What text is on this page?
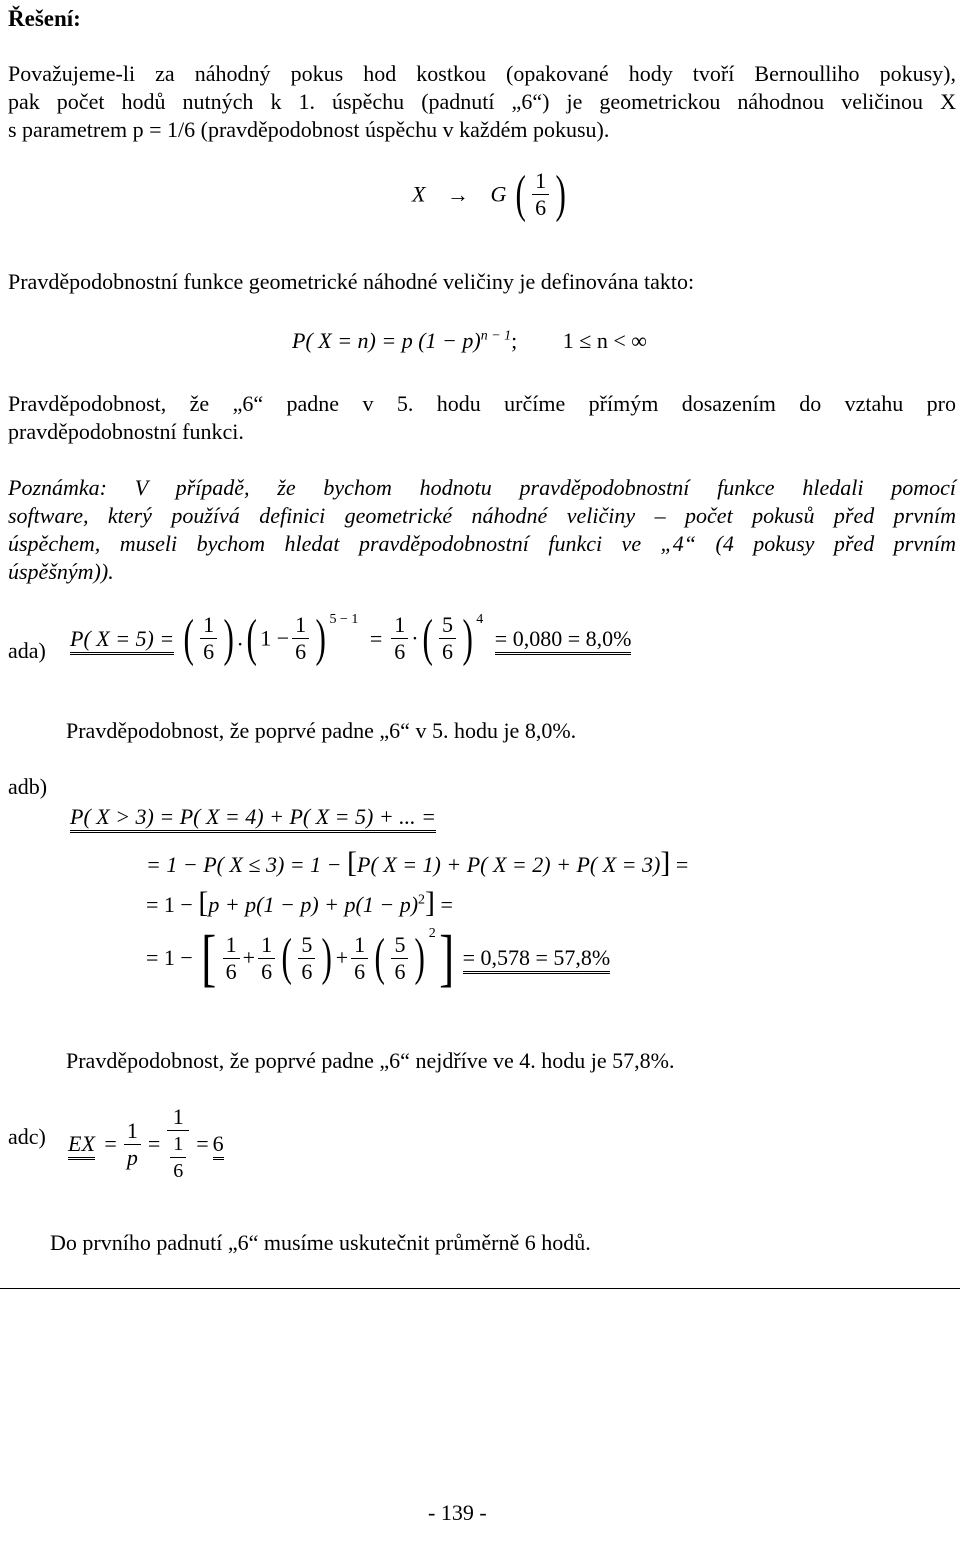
Řešení:
Považujeme-li za náhodný pokus hod kostkou (opakované hody tvoří Bernoulliho pokusy),
pak počet hodů nutných k 1. úspěchu (padnutí „6“) je geometrickou náhodnou veličinou X
s parametrem p = 1/6 (pravděpodobnost úspěchu v každém pokusu).
X → G ( $\frac{1}{6}$ )
Pravděpodobnostní funkce geometrické náhodné veličiny je definována takto:
P( X = n) = p $(1 - p)^{n - 1}$; 1 ≤ n < ∞
Pravděpodobnost, že „6“ padne v 5. hodu určíme přímým dosazením do vztahu pro
pravděpodobnostní funkci.
Poznámka: V případě, že bychom hodnotu pravděpodobnostní funkce hledali pomocí
software, který používá definici geometrické náhodné veličiny – počet pokusů před prvním
úspěchem, museli bychom hledat pravděpodobnostní funkci ve „4“ (4 pokusy před prvním
úspěšným)).
ada) P( X = 5) = ( $\frac{1}{6}$ ) .( $1 - \frac{1}{6}$ ) $^{5 - 1} = \frac{1}{6}$ ·( $\frac{5}{6}$ ) $^4$ = 0,080 = 8,0%
Pravděpodobnost, že poprvé padne „6“ v 5. hodu je 8,0%.
adb)
P( X > 3) = P( X = 4) + P( X = 5) + ... =
= 1 − P( X ≤ 3) = 1 − [P( X = 1) + P( X = 2) + P( X = 3)] =
= $1 - [p + p(1 - p) + p(1 - p)^2]$ =
= 1 − [ $\frac{1}{6} + \frac{1}{6}$ ( $\frac{5}{6}$ ) + $\frac{1}{6}$ ( $\frac{5}{6}$ ) $^2$] = 0,578 = 57,8%
Pravděpodobnost, že poprvé padne „6“ nejdříve ve 4. hodu je 57,8%.
adc) EX = $\frac{1}{p} = \frac{1}{\frac{1}{6}} = 6$
Do prvního padnutí „6“ musíme uskutečnit průměrně 6 hodů.
- 139 -
